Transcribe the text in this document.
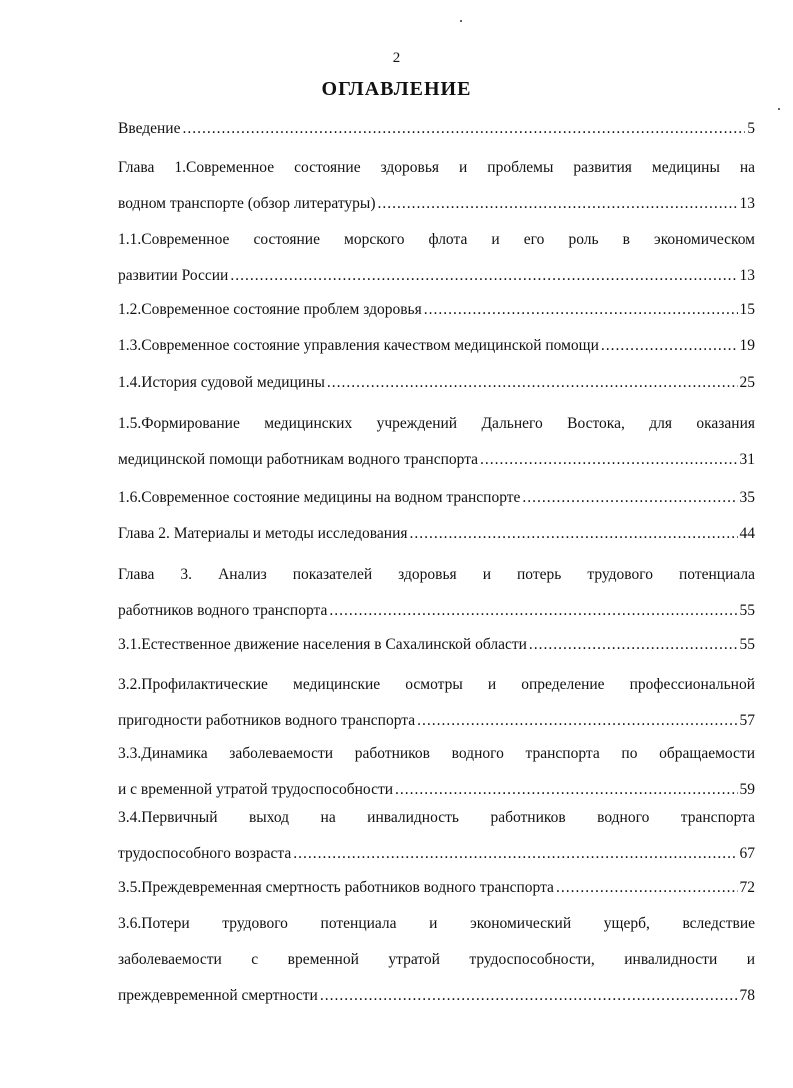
2
ОГЛАВЛЕНИЕ
Введение .....	5
Глава 1.Современное состояние здоровья и проблемы развития медицины на
водном транспорте (обзор литературы) .....	13
1.1.Современное состояние морского флота и его роль в экономическом
развитии России .....	13
1.2.Современное состояние проблем здоровья .....	15
1.3.Современное состояние управления качеством медицинской помощи .....	19
1.4.История судовой медицины .....	25
1.5.Формирование медицинских учреждений Дальнего Востока, для оказания
медицинской помощи работникам водного транспорта .....	31
1.6.Современное состояние медицины на водном транспорте .....	35
Глава 2. Материалы и методы исследования .....	44
Глава 3. Анализ показателей здоровья и потерь трудового потенциала
работников водного транспорта .....	55
3.1.Естественное движение населения в Сахалинской области .....	55
3.2.Профилактические медицинские осмотры и определение профессиональной
пригодности работников водного транспорта .....	57
3.3.Динамика заболеваемости работников водного транспорта по обращаемости
и с временной утратой трудоспособности .....	59
3.4.Первичный выход на инвалидность работников водного транспорта
трудоспособного возраста .....	67
3.5.Преждевременная смертность работников водного транспорта .....	72
3.6.Потери трудового потенциала и экономический ущерб, вследствие
заболеваемости с временной утратой трудоспособности, инвалидности и
преждевременной смертности .....	78
